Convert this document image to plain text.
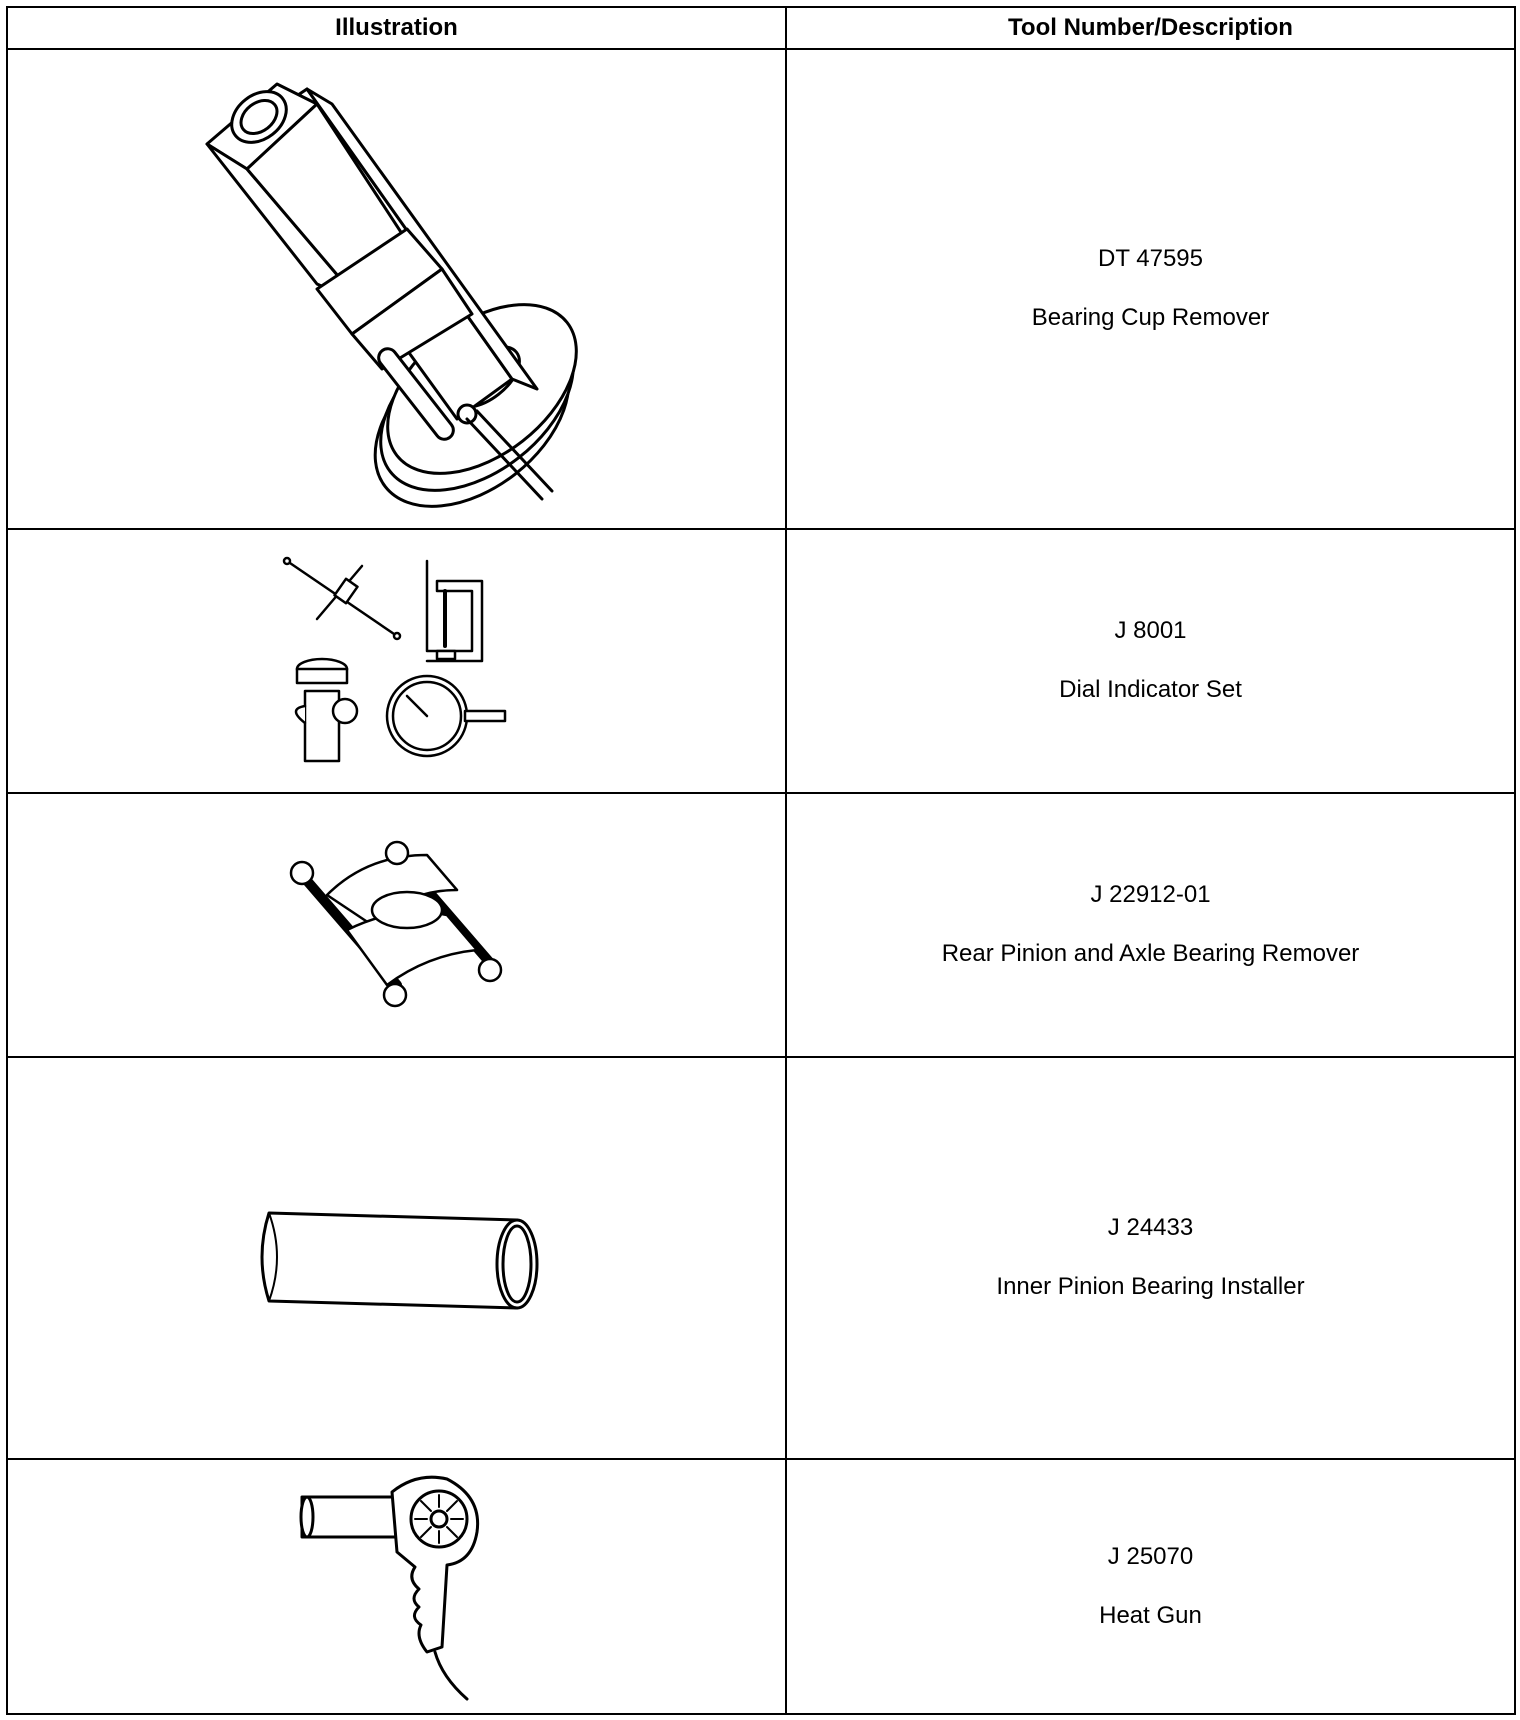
Illustration	Tool Number/Description

DT 47595
Bearing Cup Remover

J 8001
Dial Indicator Set

J 22912-01
Rear Pinion and Axle Bearing Remover

J 24433
Inner Pinion Bearing Installer

J 25070
Heat Gun
